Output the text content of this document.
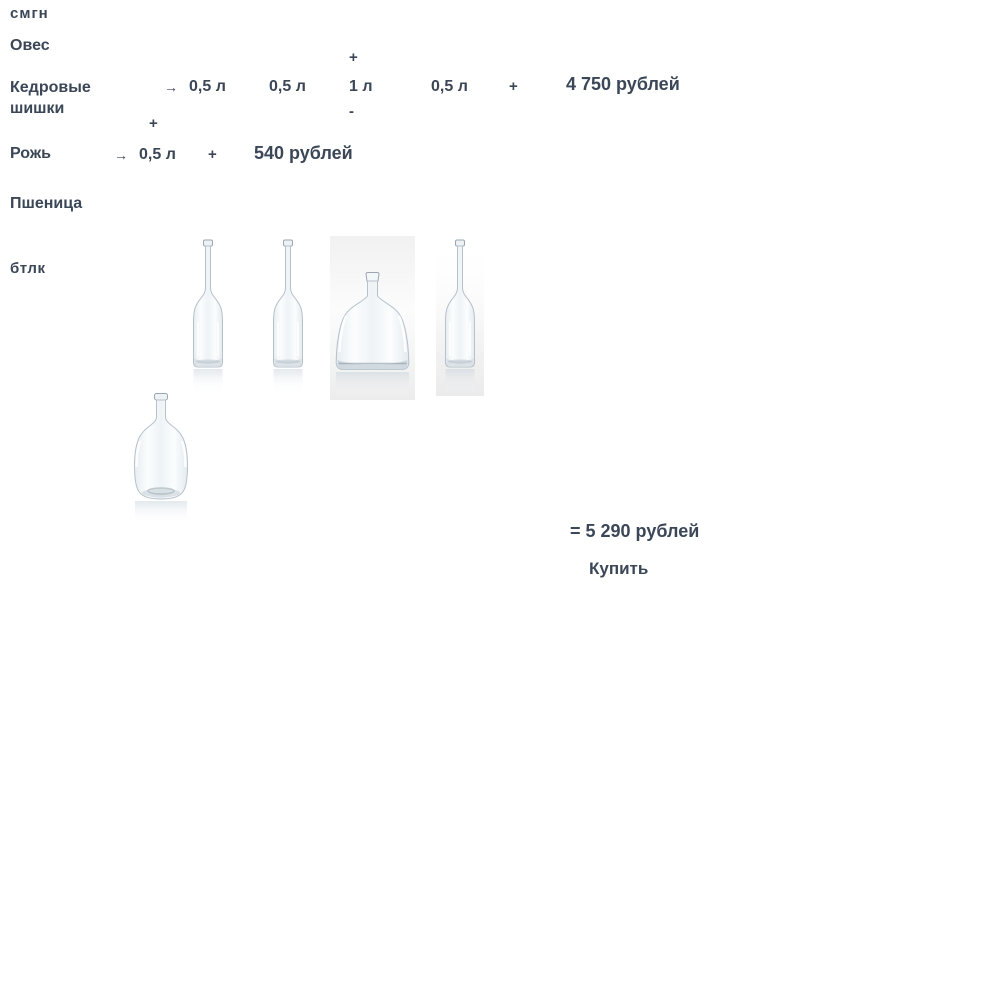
смгн
Овес
+
Кедровые шишки
→ 0,5 л	0,5 л	1 л	0,5 л	+	4 750 рублей
+
-
Рожь	→ 0,5 л + 540 рублей
Пшеница
бтлк
= 5 290 рублей
Купить
